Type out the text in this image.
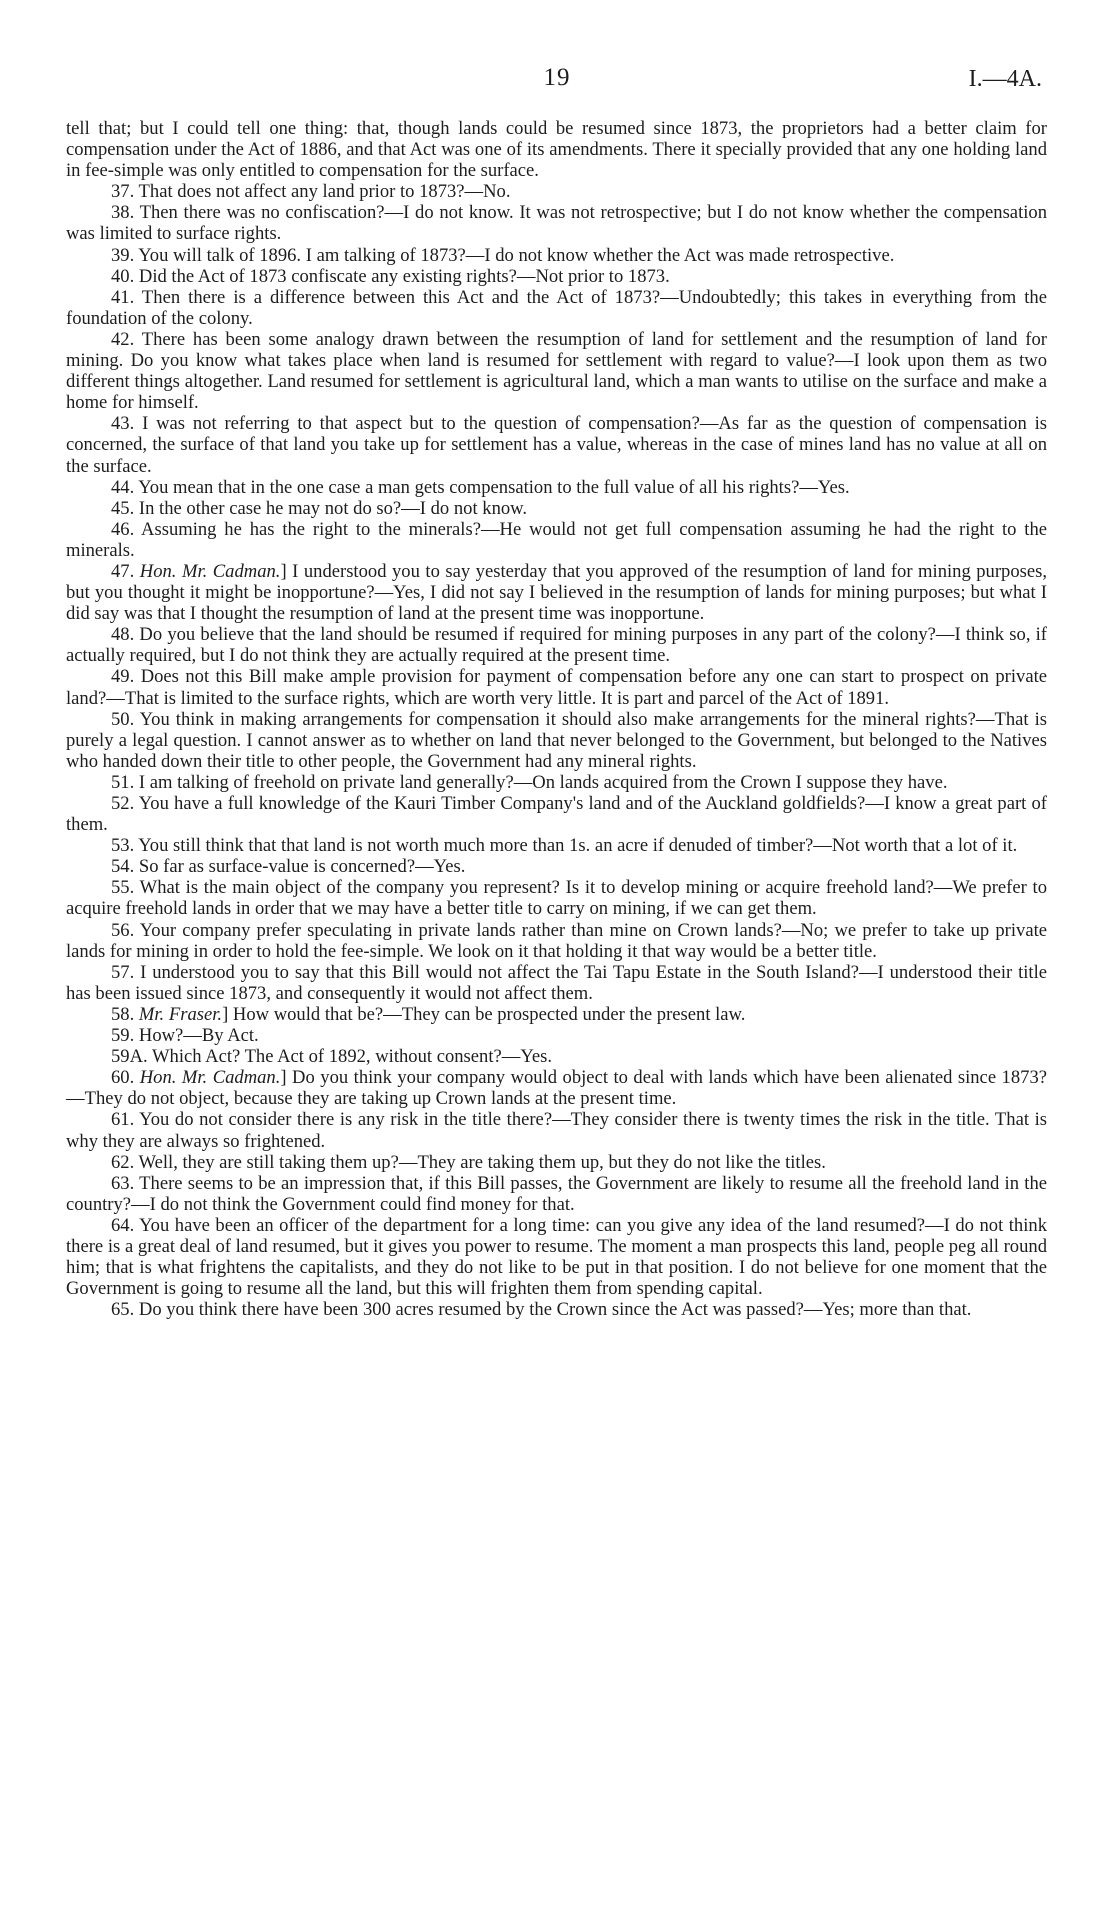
19	I.—4A.

tell that; but I could tell one thing: that, though lands could be resumed since 1873, the proprietors had a better claim for compensation under the Act of 1886, and that Act was one of its amendments. There it specially provided that any one holding land in fee-simple was only entitled to compensation for the surface.

37. That does not affect any land prior to 1873?—No.

38. Then there was no confiscation?—I do not know. It was not retrospective; but I do not know whether the compensation was limited to surface rights.

39. You will talk of 1896. I am talking of 1873?—I do not know whether the Act was made retrospective.

40. Did the Act of 1873 confiscate any existing rights?—Not prior to 1873.

41. Then there is a difference between this Act and the Act of 1873?—Undoubtedly; this takes in everything from the foundation of the colony.

42. There has been some analogy drawn between the resumption of land for settlement and the resumption of land for mining. Do you know what takes place when land is resumed for settlement with regard to value?—I look upon them as two different things altogether. Land resumed for settlement is agricultural land, which a man wants to utilise on the surface and make a home for himself.

43. I was not referring to that aspect but to the question of compensation?—As far as the question of compensation is concerned, the surface of that land you take up for settlement has a value, whereas in the case of mines land has no value at all on the surface.

44. You mean that in the one case a man gets compensation to the full value of all his rights?—Yes.

45. In the other case he may not do so?—I do not know.

46. Assuming he has the right to the minerals?—He would not get full compensation assuming he had the right to the minerals.

47. Hon. Mr. Cadman.] I understood you to say yesterday that you approved of the resumption of land for mining purposes, but you thought it might be inopportune?—Yes, I did not say I believed in the resumption of lands for mining purposes; but what I did say was that I thought the resumption of land at the present time was inopportune.

48. Do you believe that the land should be resumed if required for mining purposes in any part of the colony?—I think so, if actually required, but I do not think they are actually required at the present time.

49. Does not this Bill make ample provision for payment of compensation before any one can start to prospect on private land?—That is limited to the surface rights, which are worth very little. It is part and parcel of the Act of 1891.

50. You think in making arrangements for compensation it should also make arrangements for the mineral rights?—That is purely a legal question. I cannot answer as to whether on land that never belonged to the Government, but belonged to the Natives who handed down their title to other people, the Government had any mineral rights.

51. I am talking of freehold on private land generally?—On lands acquired from the Crown I suppose they have.

52. You have a full knowledge of the Kauri Timber Company's land and of the Auckland goldfields?—I know a great part of them.

53. You still think that that land is not worth much more than 1s. an acre if denuded of timber?—Not worth that a lot of it.

54. So far as surface-value is concerned?—Yes.

55. What is the main object of the company you represent? Is it to develop mining or acquire freehold land?—We prefer to acquire freehold lands in order that we may have a better title to carry on mining, if we can get them.

56. Your company prefer speculating in private lands rather than mine on Crown lands?—No; we prefer to take up private lands for mining in order to hold the fee-simple. We look on it that holding it that way would be a better title.

57. I understood you to say that this Bill would not affect the Tai Tapu Estate in the South Island?—I understood their title has been issued since 1873, and consequently it would not affect them.

58. Mr. Fraser.] How would that be?—They can be prospected under the present law.

59. How?—By Act.

59A. Which Act? The Act of 1892, without consent?—Yes.

60. Hon. Mr. Cadman.] Do you think your company would object to deal with lands which have been alienated since 1873?—They do not object, because they are taking up Crown lands at the present time.

61. You do not consider there is any risk in the title there?—They consider there is twenty times the risk in the title. That is why they are always so frightened.

62. Well, they are still taking them up?—They are taking them up, but they do not like the titles.

63. There seems to be an impression that, if this Bill passes, the Government are likely to resume all the freehold land in the country?—I do not think the Government could find money for that.

64. You have been an officer of the department for a long time: can you give any idea of the land resumed?—I do not think there is a great deal of land resumed, but it gives you power to resume. The moment a man prospects this land, people peg all round him; that is what frightens the capitalists, and they do not like to be put in that position. I do not believe for one moment that the Government is going to resume all the land, but this will frighten them from spending capital.

65. Do you think there have been 300 acres resumed by the Crown since the Act was passed?—Yes; more than that.
